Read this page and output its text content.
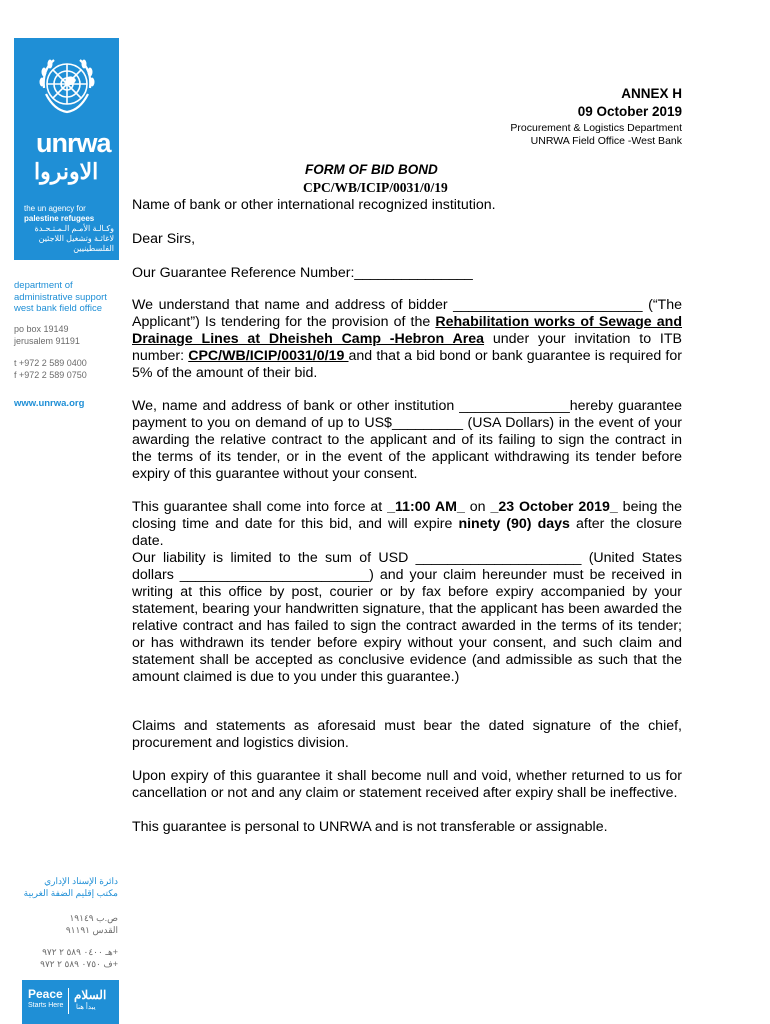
unrwa
الاونروا
the un agency for
palestine refugees
وكـالـة الأمـم الـمـتـحـدة
لاغاثـة وتشغيل اللاجئين الفلسطينيين
department of
administrative support
west bank field office
po box 19149
jerusalem 91191
t +972 2 589 0400
f +972 2 589 0750
www.unrwa.org
دائرة الإسناد الإداري
مكتب إقليم الضفة الغربية
ص.ب ١٩١٤٩
القدس ٩١١٩١
هـ ٠٤٠٠ ٥٨٩ ٢ ٩٧٢+
ف ٠٧٥٠ ٥٨٩ ٢ ٩٧٢+
Peace
Starts Here
السلام
يبدأ هنا
ANNEX H
09 October 2019
Procurement & Logistics Department
UNRWA Field Office -West Bank
FORM OF BID BOND
CPC/WB/ICIP/0031/0/19
Name of bank or other international recognized institution.
Dear Sirs,
Our Guarantee Reference Number:_______________
We understand that name and address of bidder ________________________ (“The Applicant”) Is tendering for the provision of the Rehabilitation works of Sewage and Drainage Lines at Dheisheh Camp -Hebron Area under your invitation to ITB number: CPC/WB/ICIP/0031/0/19 and that a bid bond or bank guarantee is required for 5% of the amount of their bid.
We, name and address of bank or other institution ______________hereby guarantee payment to you on demand of up to US$_________ (USA Dollars) in the event of your awarding the relative contract to the applicant and of its failing to sign the contract in the terms of its tender, or in the event of the applicant withdrawing its tender before expiry of this guarantee without your consent.
This guarantee shall come into force at _11:00 AM_ on _23 October 2019_ being the closing time and date for this bid, and will expire ninety (90) days after the closure date.
Our liability is limited to the sum of USD _____________________ (United States dollars ________________________) and your claim hereunder must be received in writing at this office by post, courier or by fax before expiry accompanied by your statement, bearing your handwritten signature, that the applicant has been awarded the relative contract and has failed to sign the contract awarded in the terms of its tender; or has withdrawn its tender before expiry without your consent, and such claim and statement shall be accepted as conclusive evidence (and admissible as such that the amount claimed is due to you under this guarantee.)
Claims and statements as aforesaid must bear the dated signature of the chief, procurement and logistics division.
Upon expiry of this guarantee it shall become null and void, whether returned to us for cancellation or not and any claim or statement received after expiry shall be ineffective.
This guarantee is personal to UNRWA and is not transferable or assignable.
